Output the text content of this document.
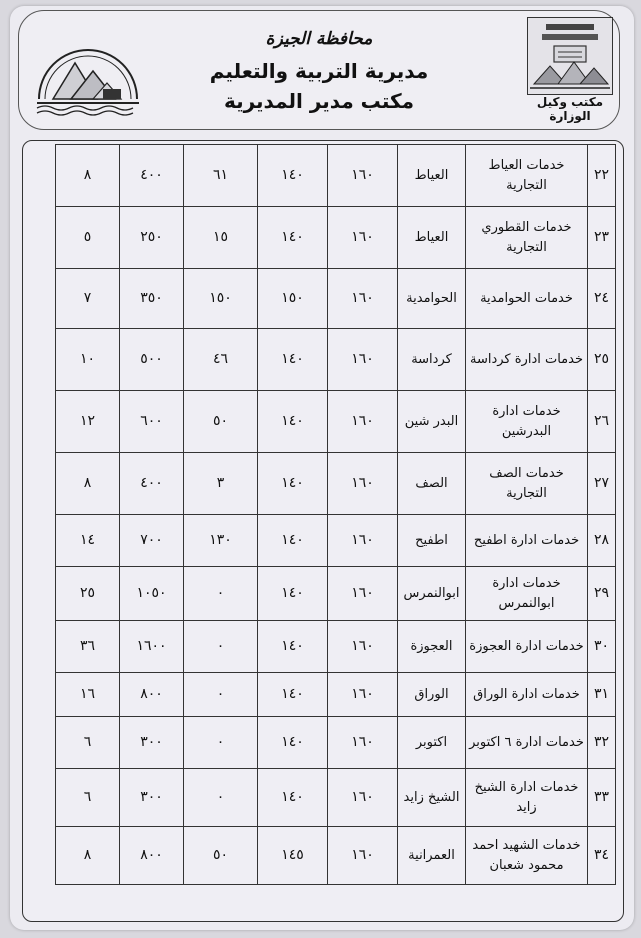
محافظة الجيزة
مديرية التربية والتعليم
مكتب مدير المديرية	مكتب وكيل الوزارة
٢٢	خدمات العياط التجارية	العياط	١٦٠	١٤٠	٦١	٤٠٠	٨
٢٣	خدمات القطوري التجارية	العياط	١٦٠	١٤٠	١٥	٢٥٠	٥
٢٤	خدمات الحوامدية	الحوامدية	١٦٠	١٥٠	١٥٠	٣٥٠	٧
٢٥	خدمات ادارة كرداسة	كرداسة	١٦٠	١٤٠	٤٦	٥٠٠	١٠
٢٦	خدمات ادارة البدرشين	البدر شين	١٦٠	١٤٠	٥٠	٦٠٠	١٢
٢٧	خدمات الصف التجارية	الصف	١٦٠	١٤٠	٣	٤٠٠	٨
٢٨	خدمات ادارة اطفيح	اطفيح	١٦٠	١٤٠	١٣٠	٧٠٠	١٤
٢٩	خدمات ادارة ابوالنمرس	ابوالنمرس	١٦٠	١٤٠	٠	١٠٥٠	٢٥
٣٠	خدمات ادارة العجوزة	العجوزة	١٦٠	١٤٠	٠	١٦٠٠	٣٦
٣١	خدمات ادارة الوراق	الوراق	١٦٠	١٤٠	٠	٨٠٠	١٦
٣٢	خدمات ادارة ٦ اكتوبر	اكتوبر	١٦٠	١٤٠	٠	٣٠٠	٦
٣٣	خدمات ادارة الشيخ زايد	الشيخ زايد	١٦٠	١٤٠	٠	٣٠٠	٦
٣٤	خدمات الشهيد احمد محمود شعبان	العمرانية	١٦٠	١٤٥	٥٠	٨٠٠	٨
